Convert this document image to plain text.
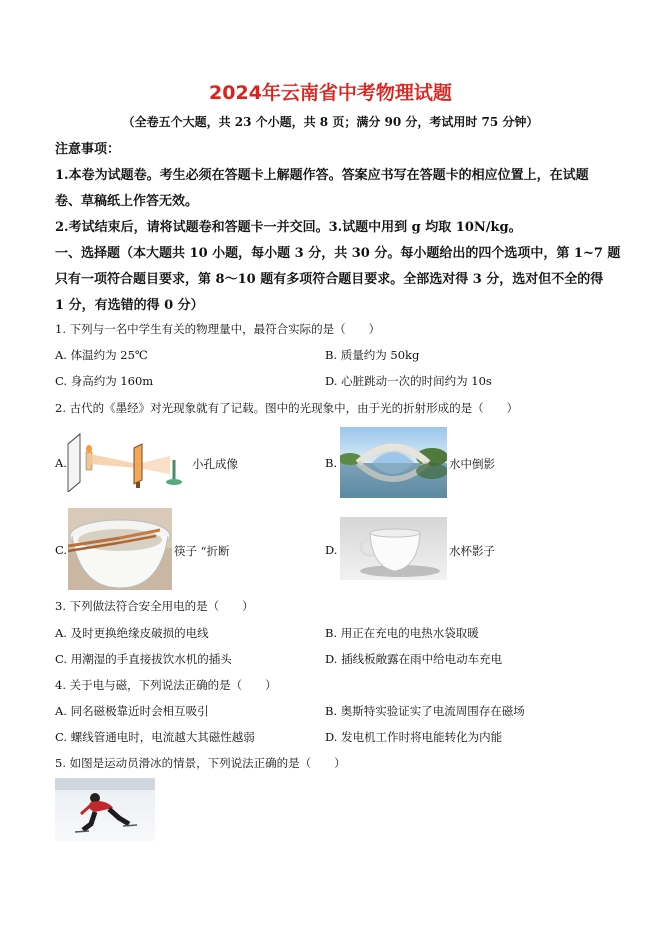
2024年云南省中考物理试题
（全卷五个大题，共 23 个小题，共 8 页；满分 90 分，考试用时 75 分钟）
注意事项：
1.本卷为试题卷。考生必须在答题卡上解题作答。答案应书写在答题卡的相应位置上，在试题
卷、草稿纸上作答无效。
2.考试结束后，请将试题卷和答题卡一并交回。3.试题中用到 g 均取 10N/kg。
一、选择题（本大题共 10 小题，每小题 3 分，共 30 分。每小题给出的四个选项中，第 1~7 题
只有一项符合题目要求，第 8～10 题有多项符合题目要求。全部选对得 3 分，选对但不全的得
1 分，有选错的得 0 分）
1. 下列与一名中学生有关的物理量中，最符合实际的是（　　）
A. 体温约为 25℃	B. 质量约为 50kg
C. 身高约为 160m	D. 心脏跳动一次的时间约为 10s
2. 古代的《墨经》对光现象就有了记载。图中的光现象中，由于光的折射形成的是（　　）
A.	小孔成像	B.	水中倒影
C.	筷子 “折断	D.	水杯影子
3. 下列做法符合安全用电的是（　　）
A. 及时更换绝缘皮破损的电线	B. 用正在充电的电热水袋取暖
C. 用潮湿的手直接拔饮水机的插头	D. 插线板敞露在雨中给电动车充电
4. 关于电与磁，下列说法正确的是（　　）
A. 同名磁极靠近时会相互吸引	B. 奥斯特实验证实了电流周围存在磁场
C. 螺线管通电时，电流越大其磁性越弱	D. 发电机工作时将电能转化为内能
5. 如图是运动员滑冰的情景，下列说法正确的是（　　）
